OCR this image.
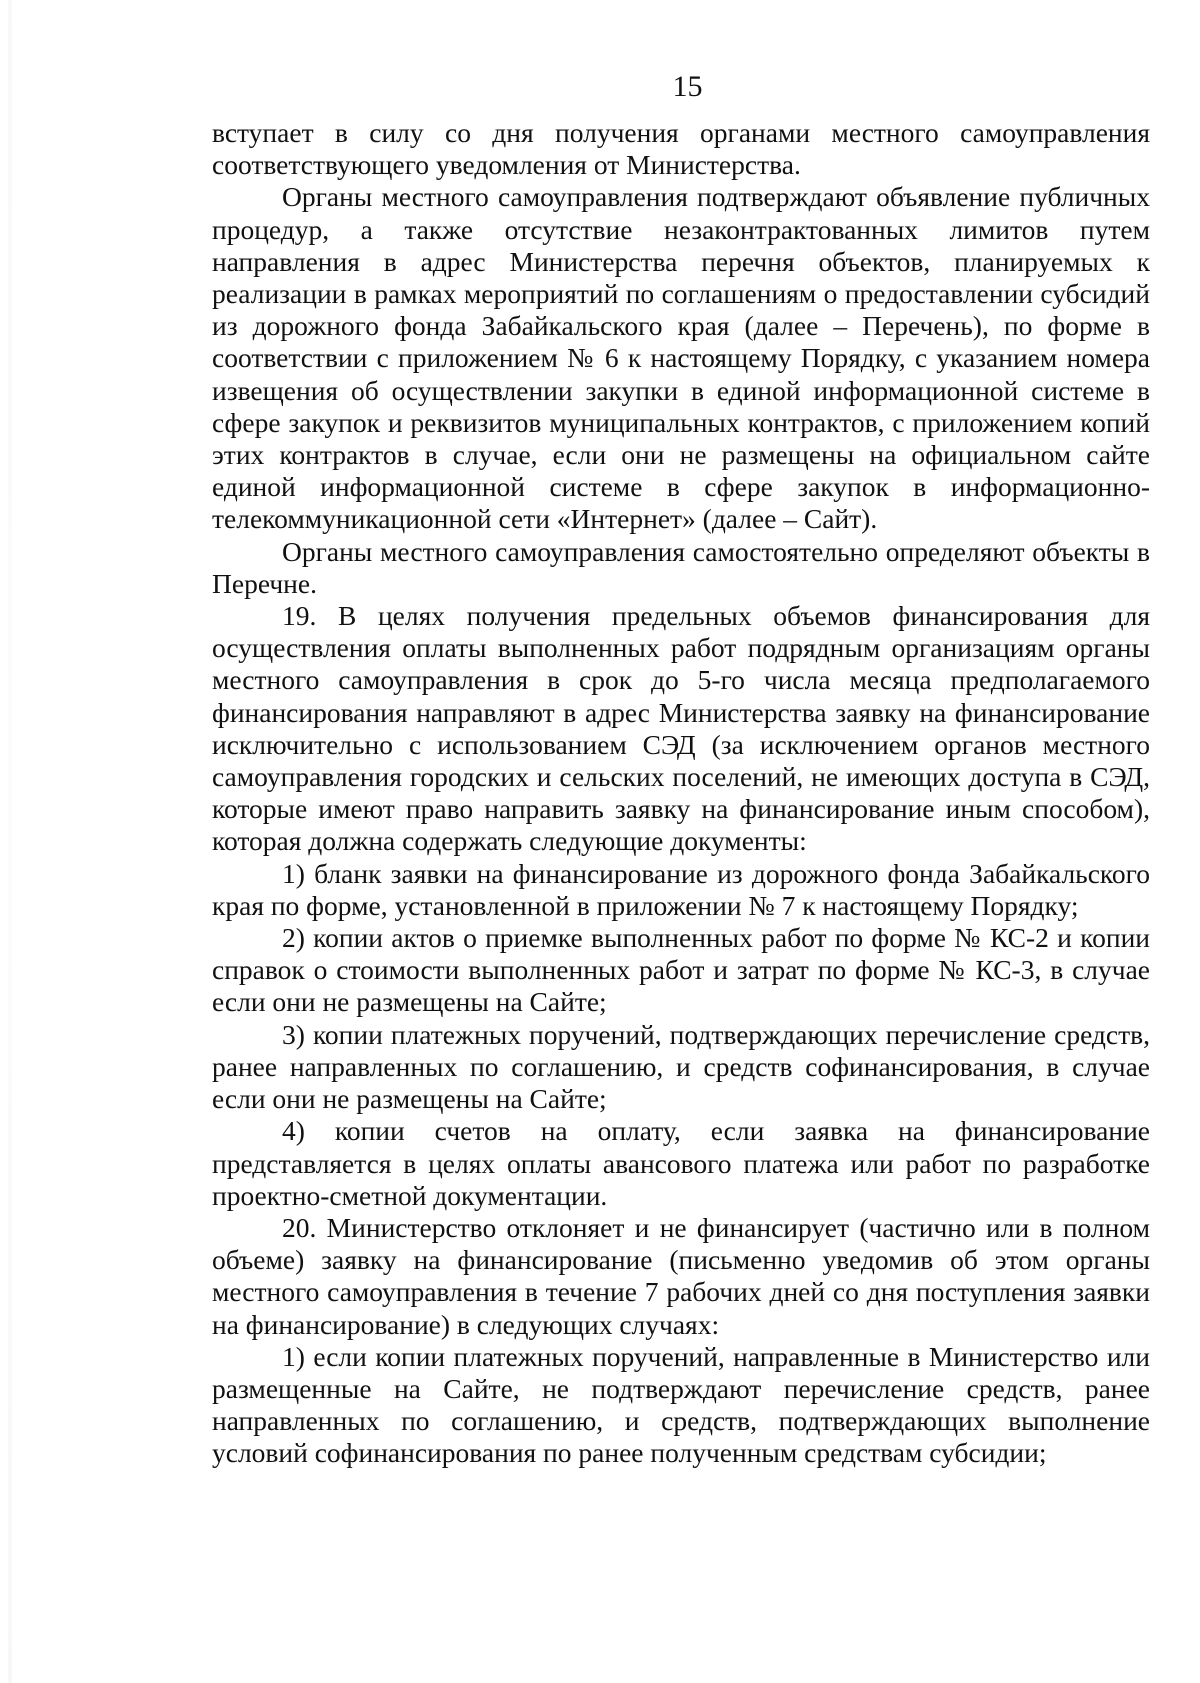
15

вступает в силу со дня получения органами местного самоуправления соответствующего уведомления от Министерства.

Органы местного самоуправления подтверждают объявление публичных процедур, а также отсутствие незаконтрактованных лимитов путем направления в адрес Министерства перечня объектов, планируемых к реализации в рамках мероприятий по соглашениям о предоставлении субсидий из дорожного фонда Забайкальского края (далее – Перечень), по форме в соответствии с приложением № 6 к настоящему Порядку, с указанием номера извещения об осуществлении закупки в единой информационной системе в сфере закупок и реквизитов муниципальных контрактов, с приложением копий этих контрактов в случае, если они не размещены на официальном сайте единой информационной системе в сфере закупок в информационно-телекоммуникационной сети «Интернет» (далее – Сайт).

Органы местного самоуправления самостоятельно определяют объекты в Перечне.

19. В целях получения предельных объемов финансирования для осуществления оплаты выполненных работ подрядным организациям органы местного самоуправления в срок до 5-го числа месяца предполагаемого финансирования направляют в адрес Министерства заявку на финансирование исключительно с использованием СЭД (за исключением органов местного самоуправления городских и сельских поселений, не имеющих доступа в СЭД, которые имеют право направить заявку на финансирование иным способом), которая должна содержать следующие документы:

1) бланк заявки на финансирование из дорожного фонда Забайкальского края по форме, установленной в приложении № 7 к настоящему Порядку;

2) копии актов о приемке выполненных работ по форме № КС-2 и копии справок о стоимости выполненных работ и затрат по форме № КС-3, в случае если они не размещены на Сайте;

3) копии платежных поручений, подтверждающих перечисление средств, ранее направленных по соглашению, и средств софинансирования, в случае если они не размещены на Сайте;

4) копии счетов на оплату, если заявка на финансирование представляется в целях оплаты авансового платежа или работ по разработке проектно-сметной документации.

20. Министерство отклоняет и не финансирует (частично или в полном объеме) заявку на финансирование (письменно уведомив об этом органы местного самоуправления в течение 7 рабочих дней со дня поступления заявки на финансирование) в следующих случаях:

1) если копии платежных поручений, направленные в Министерство или размещенные на Сайте, не подтверждают перечисление средств, ранее направленных по соглашению, и средств, подтверждающих выполнение условий софинансирования по ранее полученным средствам субсидии;
